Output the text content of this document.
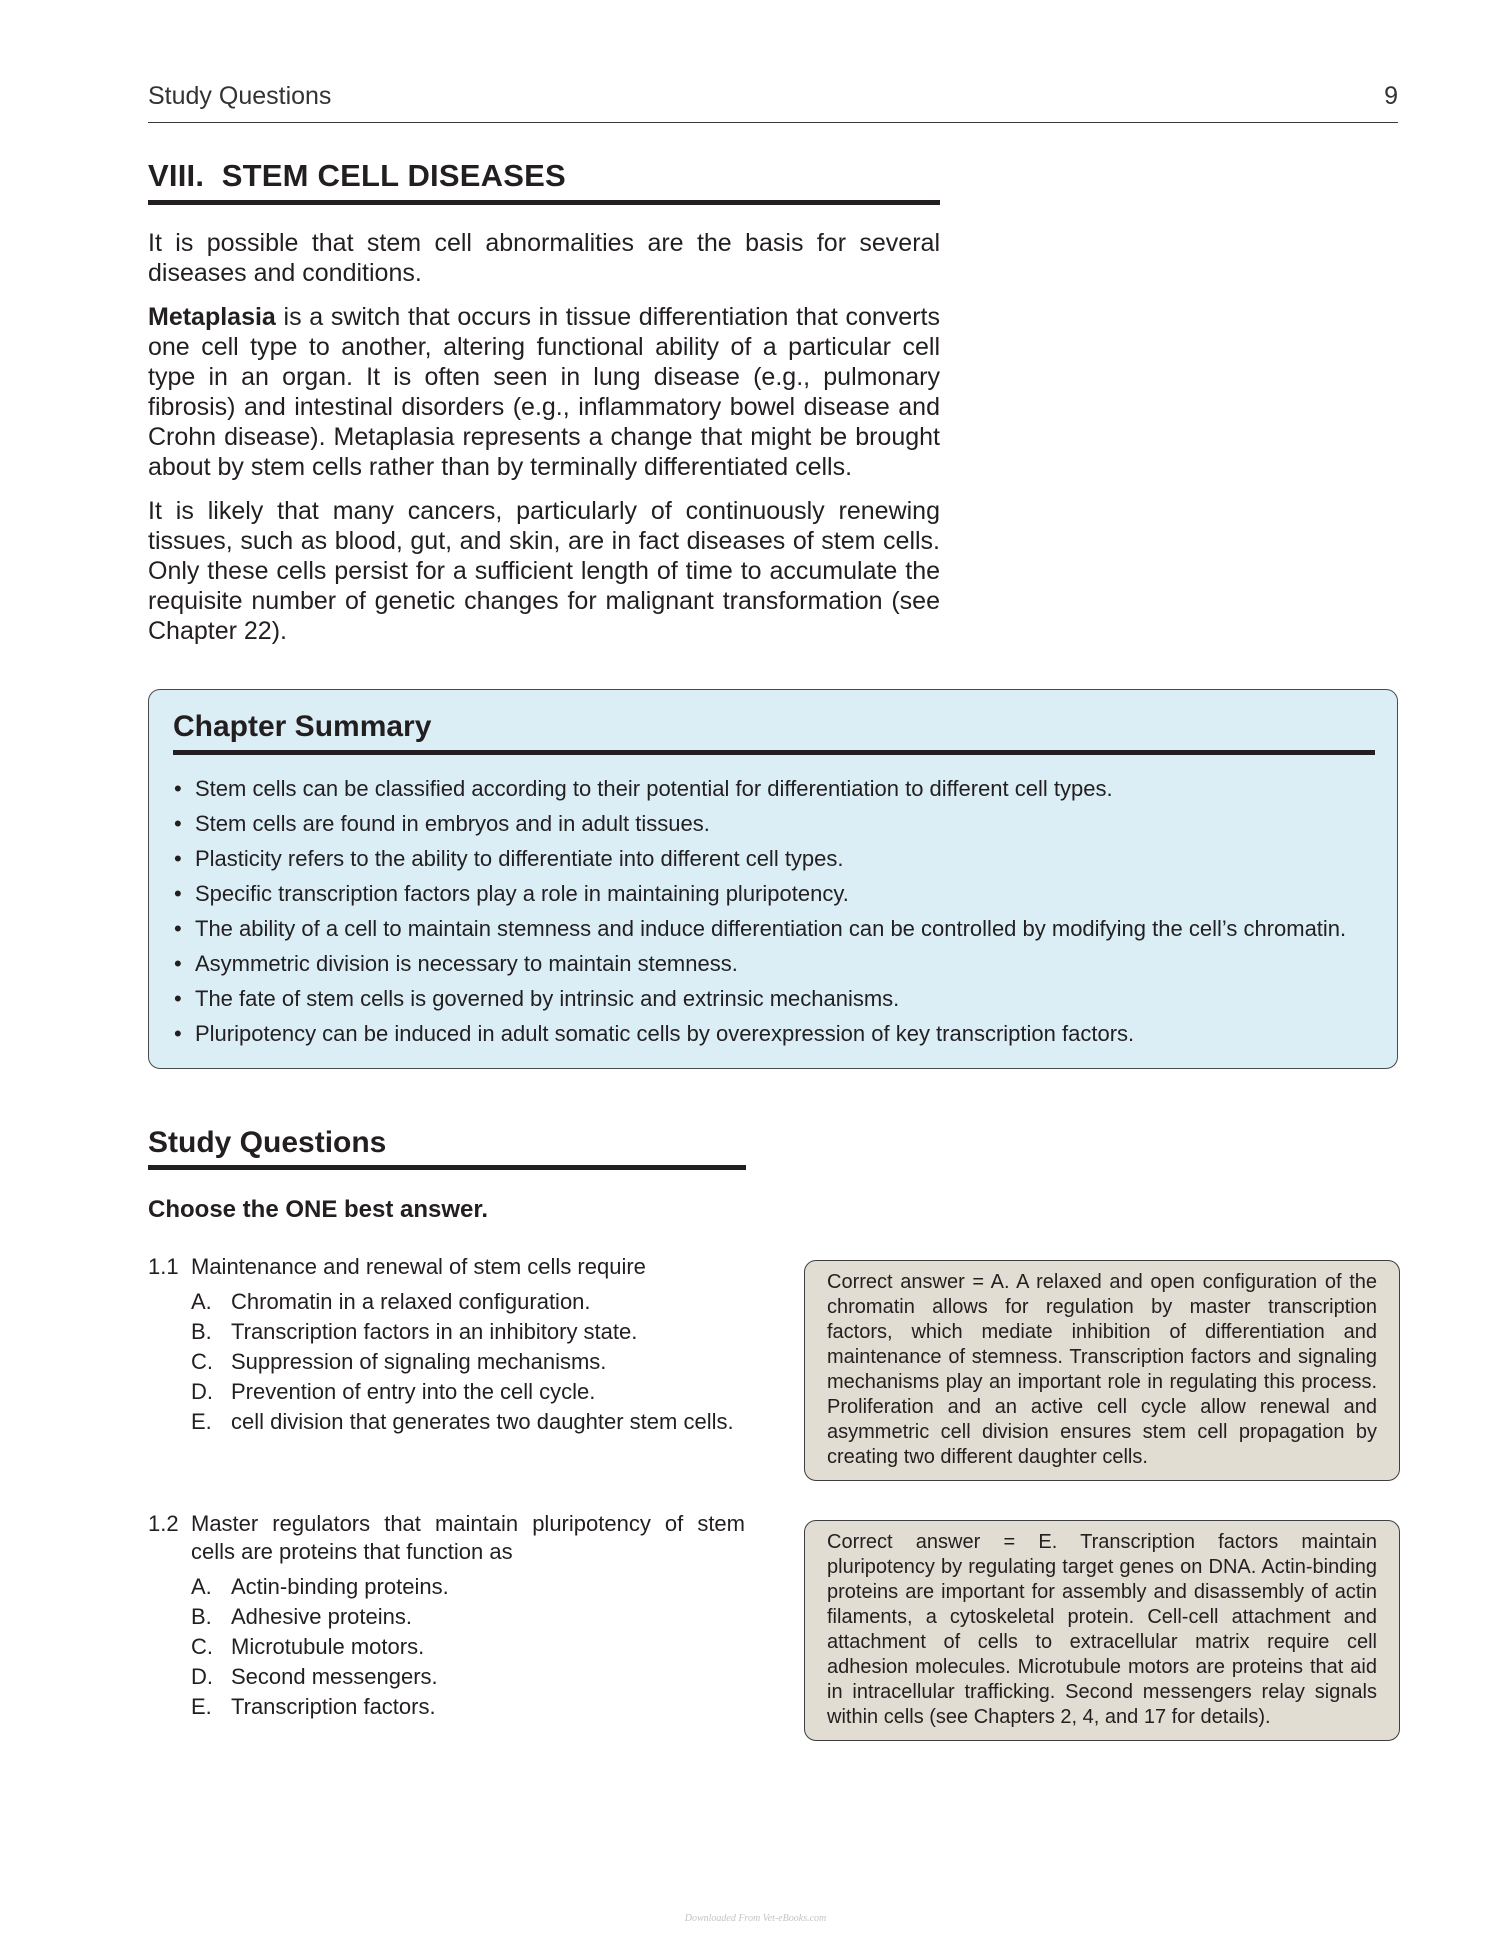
Study Questions	9
VIII.  STEM CELL DISEASES

It is possible that stem cell abnormalities are the basis for several diseases and conditions.

Metaplasia is a switch that occurs in tissue differentiation that converts one cell type to another, altering functional ability of a particular cell type in an organ. It is often seen in lung disease (e.g., pulmonary fibrosis) and intestinal disorders (e.g., inflammatory bowel disease and Crohn disease). Metaplasia represents a change that might be brought about by stem cells rather than by terminally differentiated cells.

It is likely that many cancers, particularly of continuously renewing tissues, such as blood, gut, and skin, are in fact diseases of stem cells. Only these cells persist for a sufficient length of time to accumulate the requisite number of genetic changes for malignant transformation (see Chapter 22).

Chapter Summary
• Stem cells can be classified according to their potential for differentiation to different cell types.
• Stem cells are found in embryos and in adult tissues.
• Plasticity refers to the ability to differentiate into different cell types.
• Specific transcription factors play a role in maintaining pluripotency.
• The ability of a cell to maintain stemness and induce differentiation can be controlled by modifying the cell’s chromatin.
• Asymmetric division is necessary to maintain stemness.
• The fate of stem cells is governed by intrinsic and extrinsic mechanisms.
• Pluripotency can be induced in adult somatic cells by overexpression of key transcription factors.
Study Questions
Choose the ONE best answer.
1.1 Maintenance and renewal of stem cells require
A. Chromatin in a relaxed configuration.
B. Transcription factors in an inhibitory state.
C. Suppression of signaling mechanisms.
D. Prevention of entry into the cell cycle.
E. cell division that generates two daughter stem cells.
Correct answer = A. A relaxed and open configuration of the chromatin allows for regulation by master transcription factors, which mediate inhibition of differentiation and maintenance of stemness. Transcription factors and signaling mechanisms play an important role in regulating this process. Proliferation and an active cell cycle allow renewal and asymmetric cell division ensures stem cell propagation by creating two different daughter cells.
1.2 Master regulators that maintain pluripotency of stem cells are proteins that function as
A. Actin-binding proteins.
B. Adhesive proteins.
C. Microtubule motors.
D. Second messengers.
E. Transcription factors.
Correct answer = E. Transcription factors maintain pluripotency by regulating target genes on DNA. Actin-binding proteins are important for assembly and disassembly of actin filaments, a cytoskeletal protein. Cell-cell attachment and attachment of cells to extracellular matrix require cell adhesion molecules. Microtubule motors are proteins that aid in intracellular trafficking. Second messengers relay signals within cells (see Chapters 2, 4, and 17 for details).
Downloaded From Vet-eBooks.com
